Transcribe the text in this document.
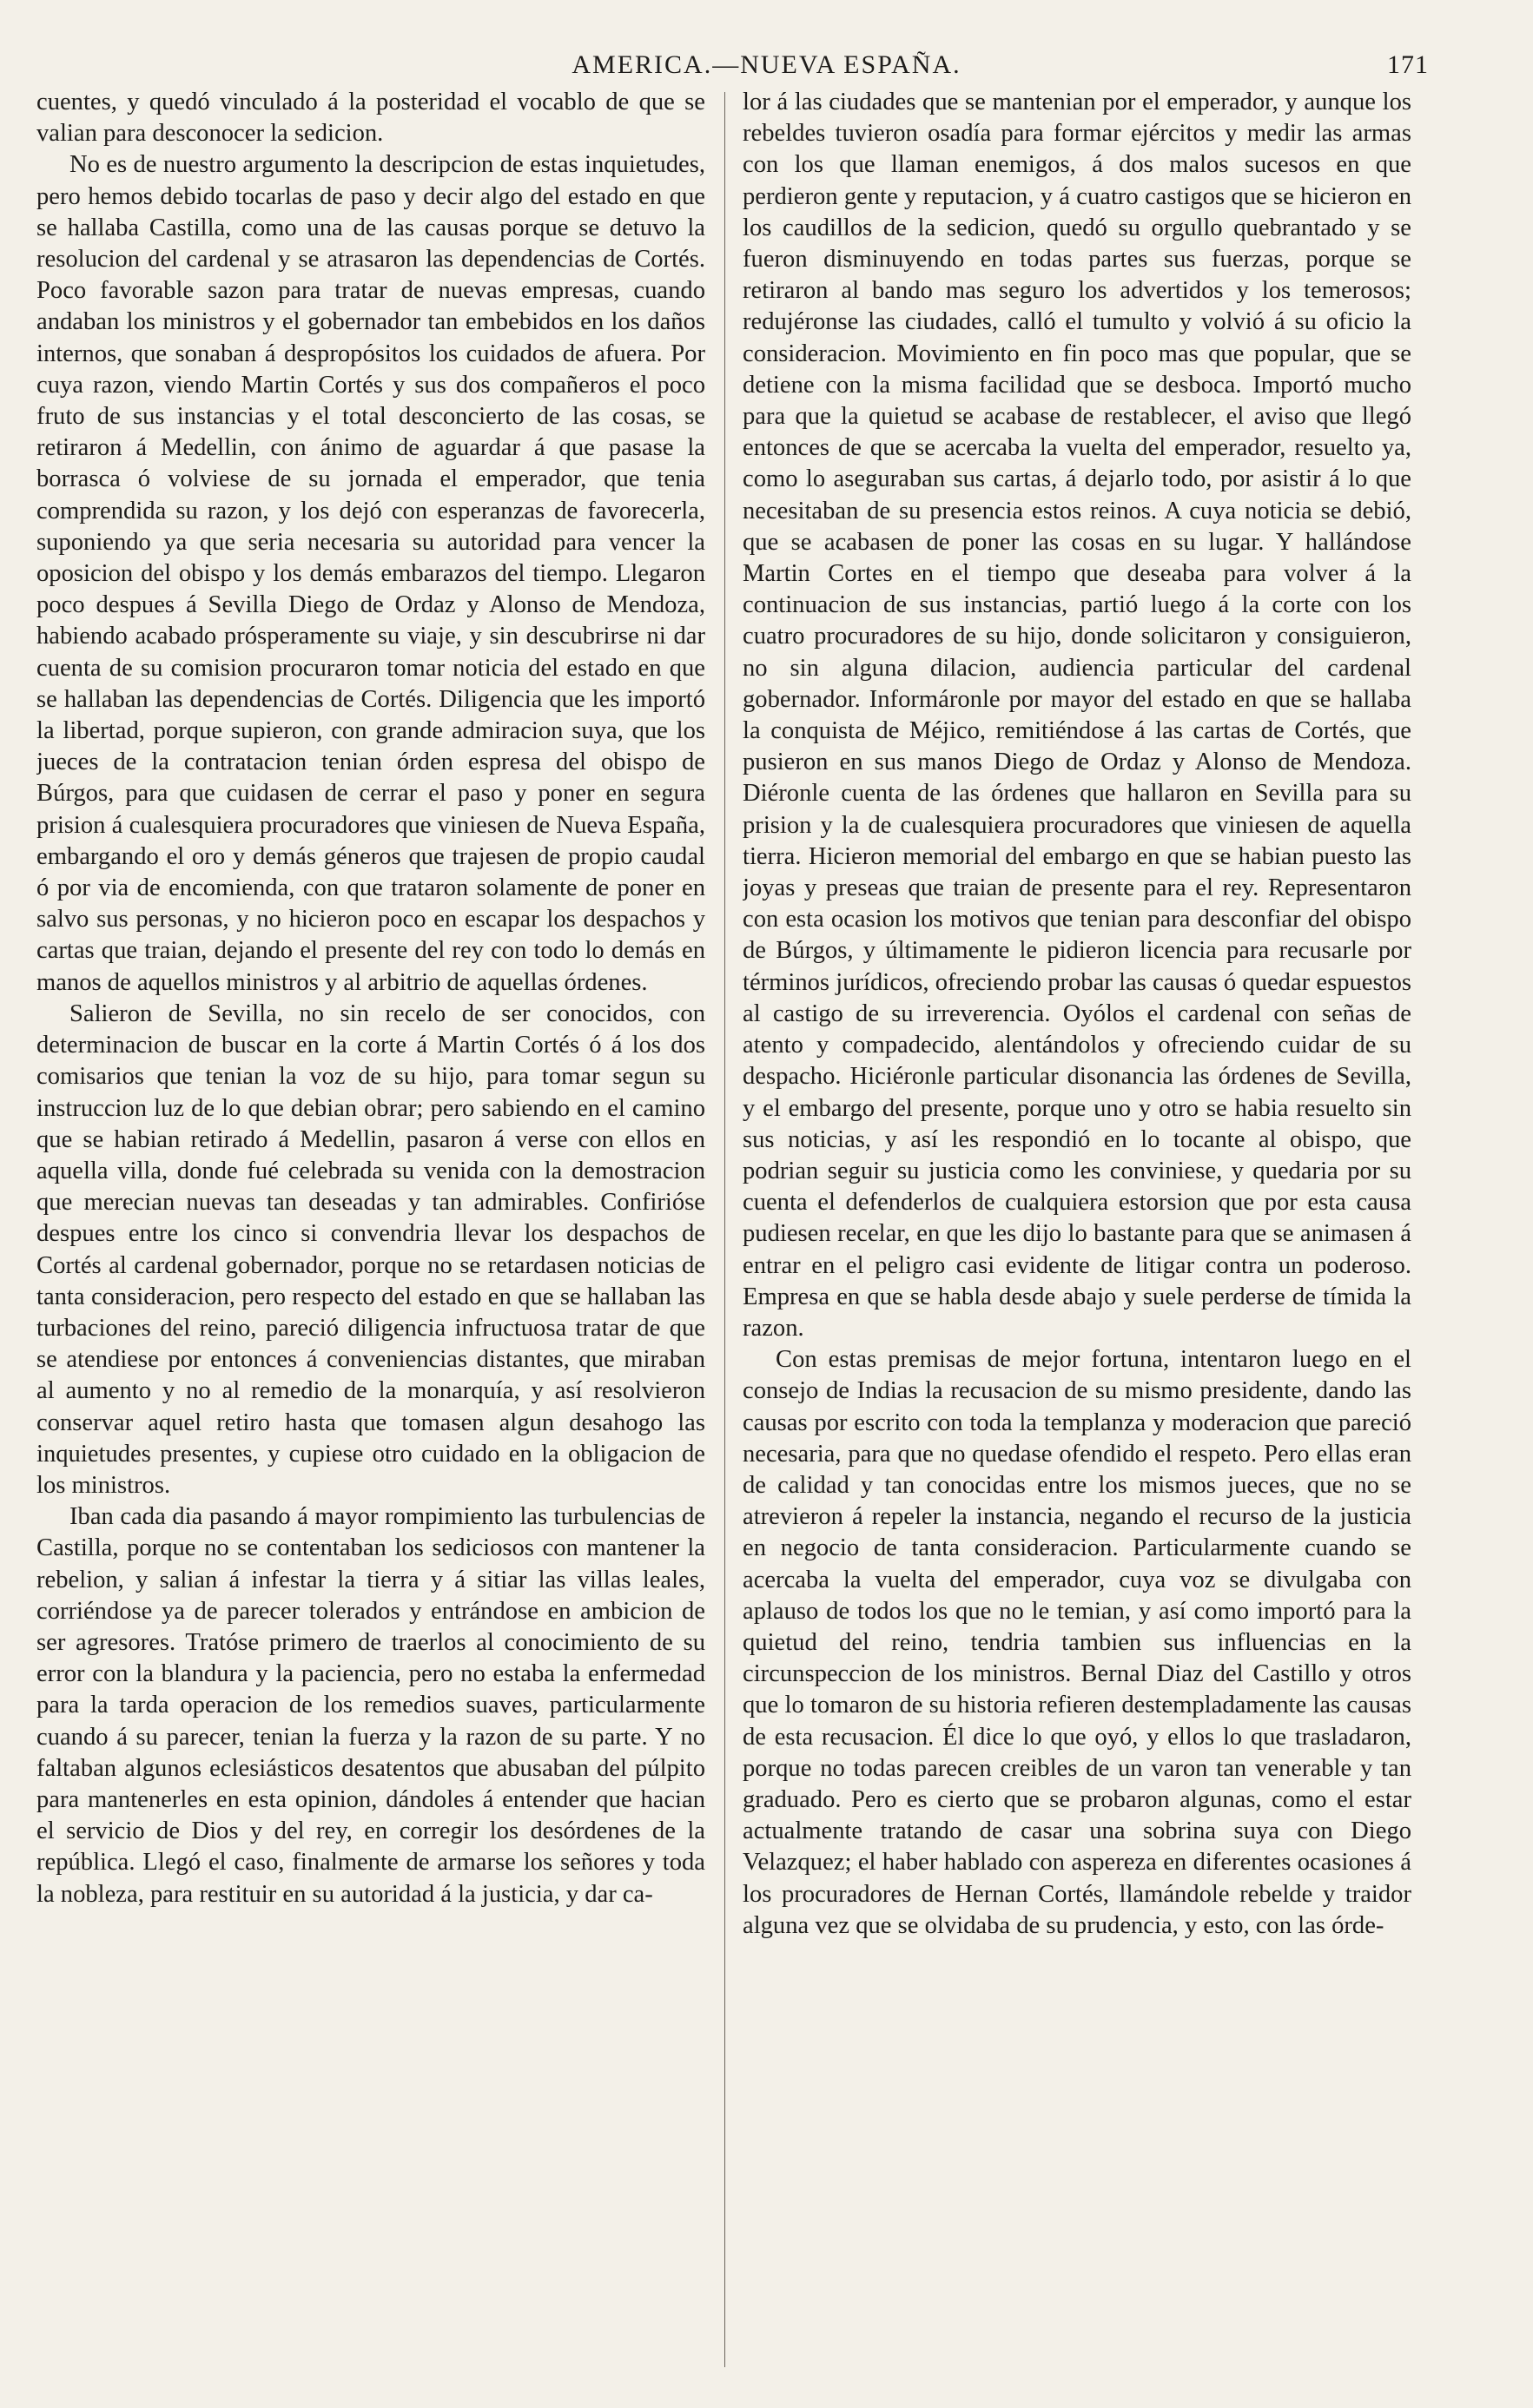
AMERICA.—NUEVA ESPAÑA.	171

cuentes, y quedó vinculado á la posteridad el vocablo de que se valian para desconocer la sedicion.

No es de nuestro argumento la descripcion de estas inquietudes, pero hemos debido tocarlas de paso y decir algo del estado en que se hallaba Castilla, como una de las causas porque se detuvo la resolucion del cardenal y se atrasaron las dependencias de Cortés. Poco favorable sazon para tratar de nuevas empresas, cuando andaban los ministros y el gobernador tan embebidos en los daños internos, que sonaban á despropósitos los cuidados de afuera. Por cuya razon, viendo Martin Cortés y sus dos compañeros el poco fruto de sus instancias y el total desconcierto de las cosas, se retiraron á Medellin, con ánimo de aguardar á que pasase la borrasca ó volviese de su jornada el emperador, que tenia comprendida su razon, y los dejó con esperanzas de favorecerla, suponiendo ya que seria necesaria su autoridad para vencer la oposicion del obispo y los demás embarazos del tiempo. Llegaron poco despues á Sevilla Diego de Ordaz y Alonso de Mendoza, habiendo acabado prósperamente su viaje, y sin descubrirse ni dar cuenta de su comision procuraron tomar noticia del estado en que se hallaban las dependencias de Cortés. Diligencia que les importó la libertad, porque supieron, con grande admiracion suya, que los jueces de la contratacion tenian órden espresa del obispo de Búrgos, para que cuidasen de cerrar el paso y poner en segura prision á cualesquiera procuradores que viniesen de Nueva España, embargando el oro y demás géneros que trajesen de propio caudal ó por via de encomienda, con que trataron solamente de poner en salvo sus personas, y no hicieron poco en escapar los despachos y cartas que traian, dejando el presente del rey con todo lo demás en manos de aquellos ministros y al arbitrio de aquellas órdenes.

Salieron de Sevilla, no sin recelo de ser conocidos, con determinacion de buscar en la corte á Martin Cortés ó á los dos comisarios que tenian la voz de su hijo, para tomar segun su instruccion luz de lo que debian obrar; pero sabiendo en el camino que se habian retirado á Medellin, pasaron á verse con ellos en aquella villa, donde fué celebrada su venida con la demostracion que merecian nuevas tan deseadas y tan admirables. Confirióse despues entre los cinco si convendria llevar los despachos de Cortés al cardenal gobernador, porque no se retardasen noticias de tanta consideracion, pero respecto del estado en que se hallaban las turbaciones del reino, pareció diligencia infructuosa tratar de que se atendiese por entonces á conveniencias distantes, que miraban al aumento y no al remedio de la monarquía, y así resolvieron conservar aquel retiro hasta que tomasen algun desahogo las inquietudes presentes, y cupiese otro cuidado en la obligacion de los ministros.

Iban cada dia pasando á mayor rompimiento las turbulencias de Castilla, porque no se contentaban los sediciosos con mantener la rebelion, y salian á infestar la tierra y á sitiar las villas leales, corriéndose ya de parecer tolerados y entrándose en ambicion de ser agresores. Tratóse primero de traerlos al conocimiento de su error con la blandura y la paciencia, pero no estaba la enfermedad para la tarda operacion de los remedios suaves, particularmente cuando á su parecer, tenian la fuerza y la razon de su parte. Y no faltaban algunos eclesiásticos desatentos que abusaban del púlpito para mantenerles en esta opinion, dándoles á entender que hacian el servicio de Dios y del rey, en corregir los desórdenes de la república. Llegó el caso, finalmente de armarse los señores y toda la nobleza, para restituir en su autoridad á la justicia, y dar ca-

lor á las ciudades que se mantenian por el emperador, y aunque los rebeldes tuvieron osadía para formar ejércitos y medir las armas con los que llaman enemigos, á dos malos sucesos en que perdieron gente y reputacion, y á cuatro castigos que se hicieron en los caudillos de la sedicion, quedó su orgullo quebrantado y se fueron disminuyendo en todas partes sus fuerzas, porque se retiraron al bando mas seguro los advertidos y los temerosos; redujéronse las ciudades, calló el tumulto y volvió á su oficio la consideracion. Movimiento en fin poco mas que popular, que se detiene con la misma facilidad que se desboca. Importó mucho para que la quietud se acabase de restablecer, el aviso que llegó entonces de que se acercaba la vuelta del emperador, resuelto ya, como lo aseguraban sus cartas, á dejarlo todo, por asistir á lo que necesitaban de su presencia estos reinos. A cuya noticia se debió, que se acabasen de poner las cosas en su lugar. Y hallándose Martin Cortes en el tiempo que deseaba para volver á la continuacion de sus instancias, partió luego á la corte con los cuatro procuradores de su hijo, donde solicitaron y consiguieron, no sin alguna dilacion, audiencia particular del cardenal gobernador. Informáronle por mayor del estado en que se hallaba la conquista de Méjico, remitiéndose á las cartas de Cortés, que pusieron en sus manos Diego de Ordaz y Alonso de Mendoza. Diéronle cuenta de las órdenes que hallaron en Sevilla para su prision y la de cualesquiera procuradores que viniesen de aquella tierra. Hicieron memorial del embargo en que se habian puesto las joyas y preseas que traian de presente para el rey. Representaron con esta ocasion los motivos que tenian para desconfiar del obispo de Búrgos, y últimamente le pidieron licencia para recusarle por términos jurídicos, ofreciendo probar las causas ó quedar espuestos al castigo de su irreverencia. Oyólos el cardenal con señas de atento y compadecido, alentándolos y ofreciendo cuidar de su despacho. Hiciéronle particular disonancia las órdenes de Sevilla, y el embargo del presente, porque uno y otro se habia resuelto sin sus noticias, y así les respondió en lo tocante al obispo, que podrian seguir su justicia como les conviniese, y quedaria por su cuenta el defenderlos de cualquiera estorsion que por esta causa pudiesen recelar, en que les dijo lo bastante para que se animasen á entrar en el peligro casi evidente de litigar contra un poderoso. Empresa en que se habla desde abajo y suele perderse de tímida la razon.

Con estas premisas de mejor fortuna, intentaron luego en el consejo de Indias la recusacion de su mismo presidente, dando las causas por escrito con toda la templanza y moderacion que pareció necesaria, para que no quedase ofendido el respeto. Pero ellas eran de calidad y tan conocidas entre los mismos jueces, que no se atrevieron á repeler la instancia, negando el recurso de la justicia en negocio de tanta consideracion. Particularmente cuando se acercaba la vuelta del emperador, cuya voz se divulgaba con aplauso de todos los que no le temian, y así como importó para la quietud del reino, tendria tambien sus influencias en la circunspeccion de los ministros. Bernal Diaz del Castillo y otros que lo tomaron de su historia refieren destempladamente las causas de esta recusacion. Él dice lo que oyó, y ellos lo que trasladaron, porque no todas parecen creibles de un varon tan venerable y tan graduado. Pero es cierto que se probaron algunas, como el estar actualmente tratando de casar una sobrina suya con Diego Velazquez; el haber hablado con aspereza en diferentes ocasiones á los procuradores de Hernan Cortés, llamándole rebelde y traidor alguna vez que se olvidaba de su prudencia, y esto, con las órde-
